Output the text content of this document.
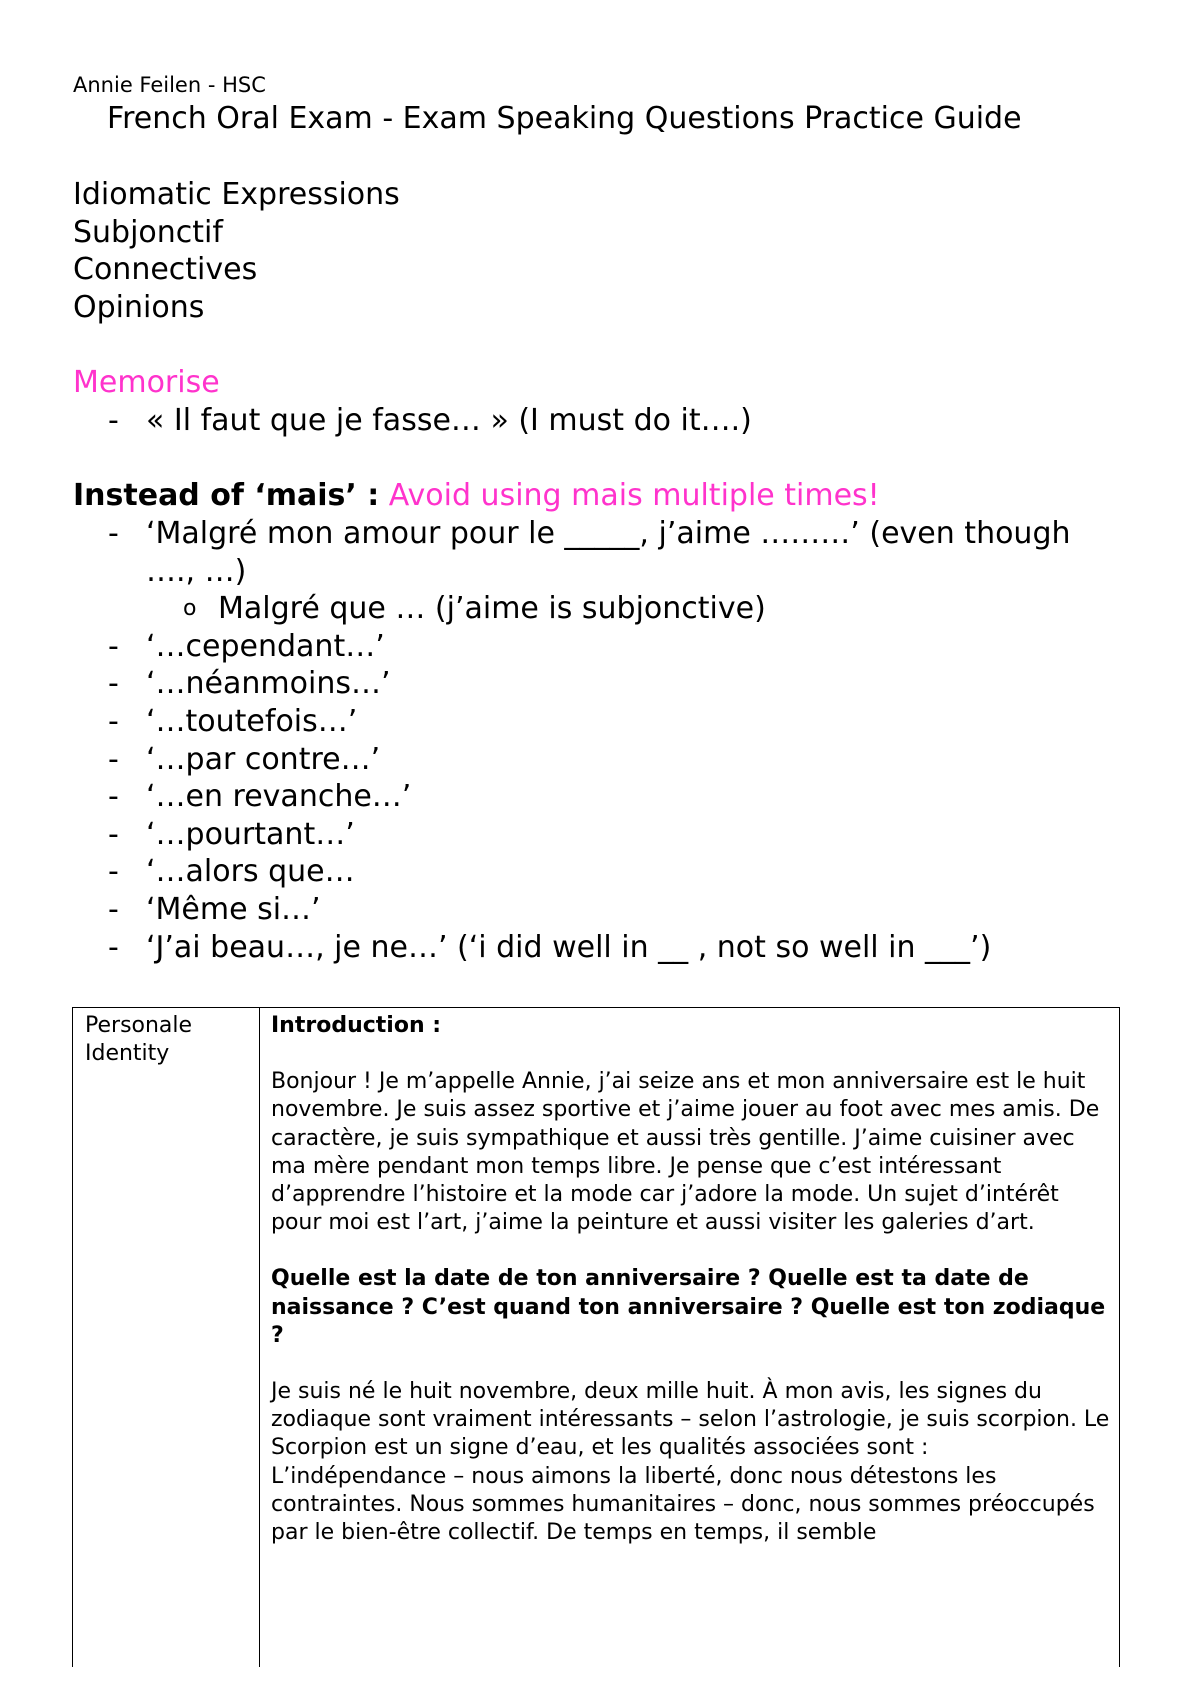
Annie Feilen - HSC
French Oral Exam - Exam Speaking Questions Practice Guide
Idiomatic Expressions
Subjonctif
Connectives
Opinions
Memorise
- « Il faut que je fasse… » (I must do it….)
Instead of ‘mais’ : Avoid using mais multiple times!
- ‘Malgré mon amour pour le _____, j’aime ………’ (even though …., …)
o Malgré que … (j’aime is subjonctive)
- ‘…cependant…’
- ‘…néanmoins…’
- ‘…toutefois…’
- ‘…par contre…’
- ‘…en revanche…’
- ‘…pourtant…’
- ‘…alors que…
- ‘Même si…’
- ‘J’ai beau…, je ne…’ (‘i did well in __ , not so well in ___’)
Personale Identity

Introduction :

Bonjour ! Je m’appelle Annie, j’ai seize ans et mon anniversaire est le huit novembre. Je suis assez sportive et j’aime jouer au foot avec mes amis. De caractère, je suis sympathique et aussi très gentille. J’aime cuisiner avec ma mère pendant mon temps libre. Je pense que c’est intéressant d’apprendre l’histoire et la mode car j’adore la mode. Un sujet d’intérêt pour moi est l’art, j’aime la peinture et aussi visiter les galeries d’art.

Quelle est la date de ton anniversaire ? Quelle est ta date de naissance ? C’est quand ton anniversaire ? Quelle est ton zodiaque ?

Je suis né le huit novembre, deux mille huit. À mon avis, les signes du zodiaque sont vraiment intéressants – selon l’astrologie, je suis scorpion. Le Scorpion est un signe d’eau, et les qualités associées sont :

L’indépendance – nous aimons la liberté, donc nous détestons les contraintes. Nous sommes humanitaires – donc, nous sommes préoccupés par le bien-être collectif. De temps en temps, il semble
